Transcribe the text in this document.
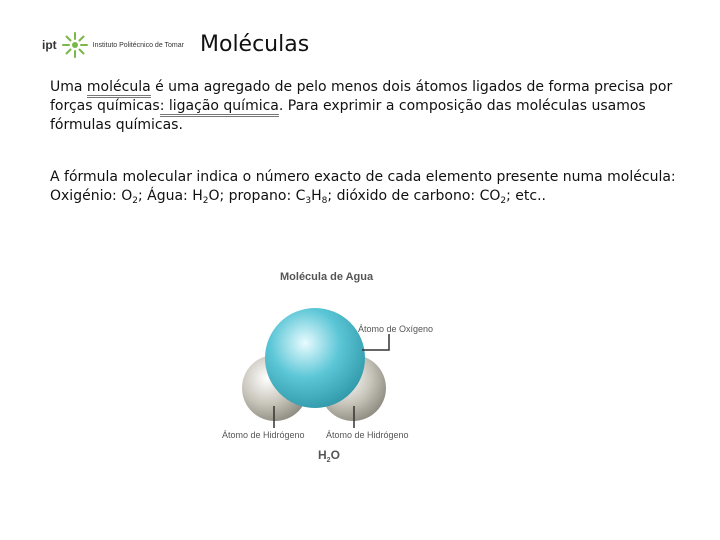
ipt	Instituto Politécnico de Tomar Moléculas

Uma molécula é uma agregado de pelo menos dois átomos ligados de forma precisa por forças químicas: ligação química. Para exprimir a composição das moléculas usamos fórmulas químicas.

A fórmula molecular indica o número exacto de cada elemento presente numa molécula:
Oxigénio: $O_2$; Água: $H_2O$; propano: $C_3H_8$; dióxido de carbono: $CO_2$; etc..

Molécula de Agua
Átomo de Oxígeno
Átomo de Hidrógeno Átomo de Hidrógeno
$H_2O$
